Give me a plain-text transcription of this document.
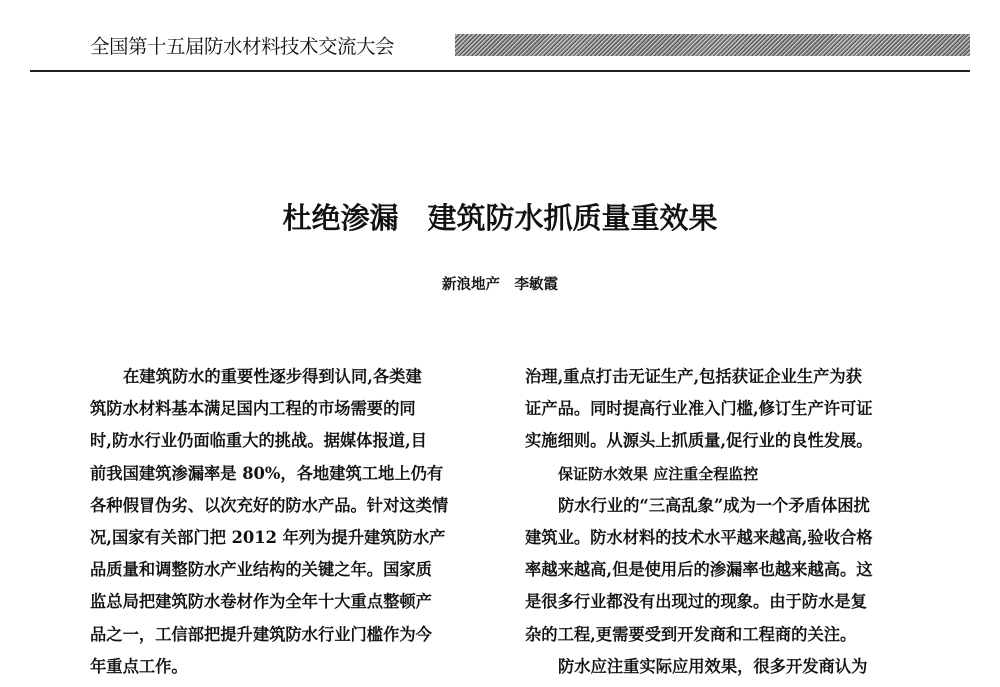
全国第十五届防水材料技术交流大会
杜绝渗漏　建筑防水抓质量重效果
新浪地产　李敏霞
在建筑防水的重要性逐步得到认同,各类建
筑防水材料基本满足国内工程的市场需要的同
时,防水行业仍面临重大的挑战。据媒体报道,目
前我国建筑渗漏率是 80%，各地建筑工地上仍有
各种假冒伪劣、以次充好的防水产品。针对这类情
况,国家有关部门把 2012 年列为提升建筑防水产
品质量和调整防水产业结构的关键之年。国家质
监总局把建筑防水卷材作为全年十大重点整顿产
品之一，工信部把提升建筑防水行业门槛作为今
年重点工作。
治理,重点打击无证生产,包括获证企业生产为获
证产品。同时提高行业准入门槛,修订生产许可证
实施细则。从源头上抓质量,促行业的良性发展。
保证防水效果 应注重全程监控
防水行业的“三高乱象”成为一个矛盾体困扰
建筑业。防水材料的技术水平越来越高,验收合格
率越来越高,但是使用后的渗漏率也越来越高。这
是很多行业都没有出现过的现象。由于防水是复
杂的工程,更需要受到开发商和工程商的关注。
防水应注重实际应用效果，很多开发商认为
